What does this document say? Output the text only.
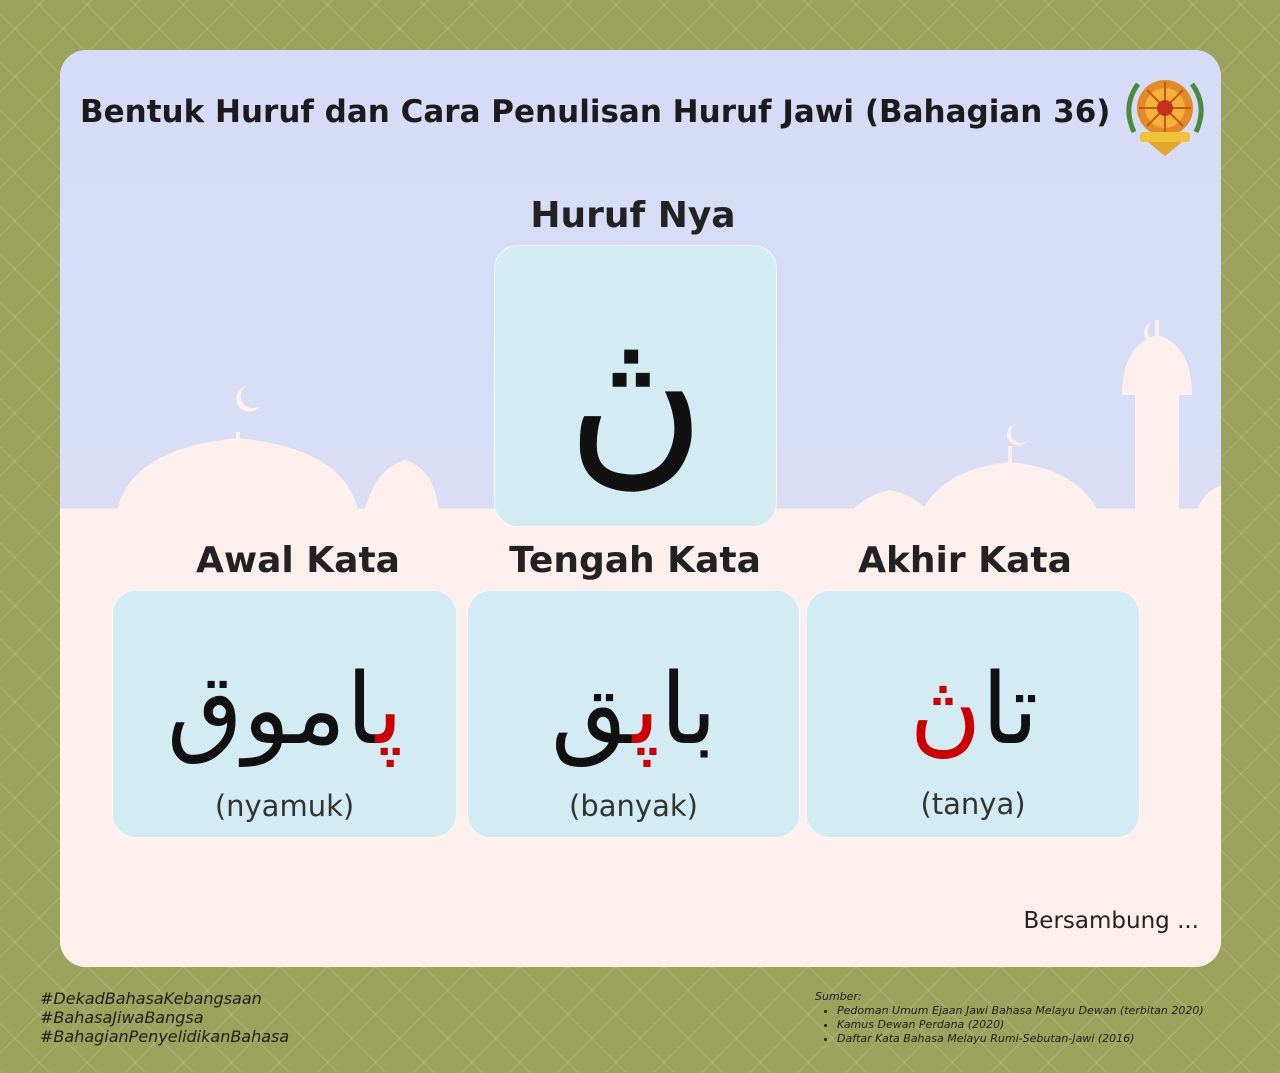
Bentuk Huruf dan Cara Penulisan Huruf Jawi (Bahagian 36)
Huruf Nya
ڽ
Awal Kata
ڽاموق
(nyamuk)
Tengah Kata
باڽق
(banyak)
Akhir Kata
تاڽ
(tanya)
Bersambung ...
#DekadBahasaKebangsaan
#BahasaJiwaBangsa
#BahagianPenyelidikanBahasa
Sumber:
• Pedoman Umum Ejaan Jawi Bahasa Melayu Dewan (terbitan 2020)
• Kamus Dewan Perdana (2020)
• Daftar Kata Bahasa Melayu Rumi-Sebutan-Jawi (2016)
